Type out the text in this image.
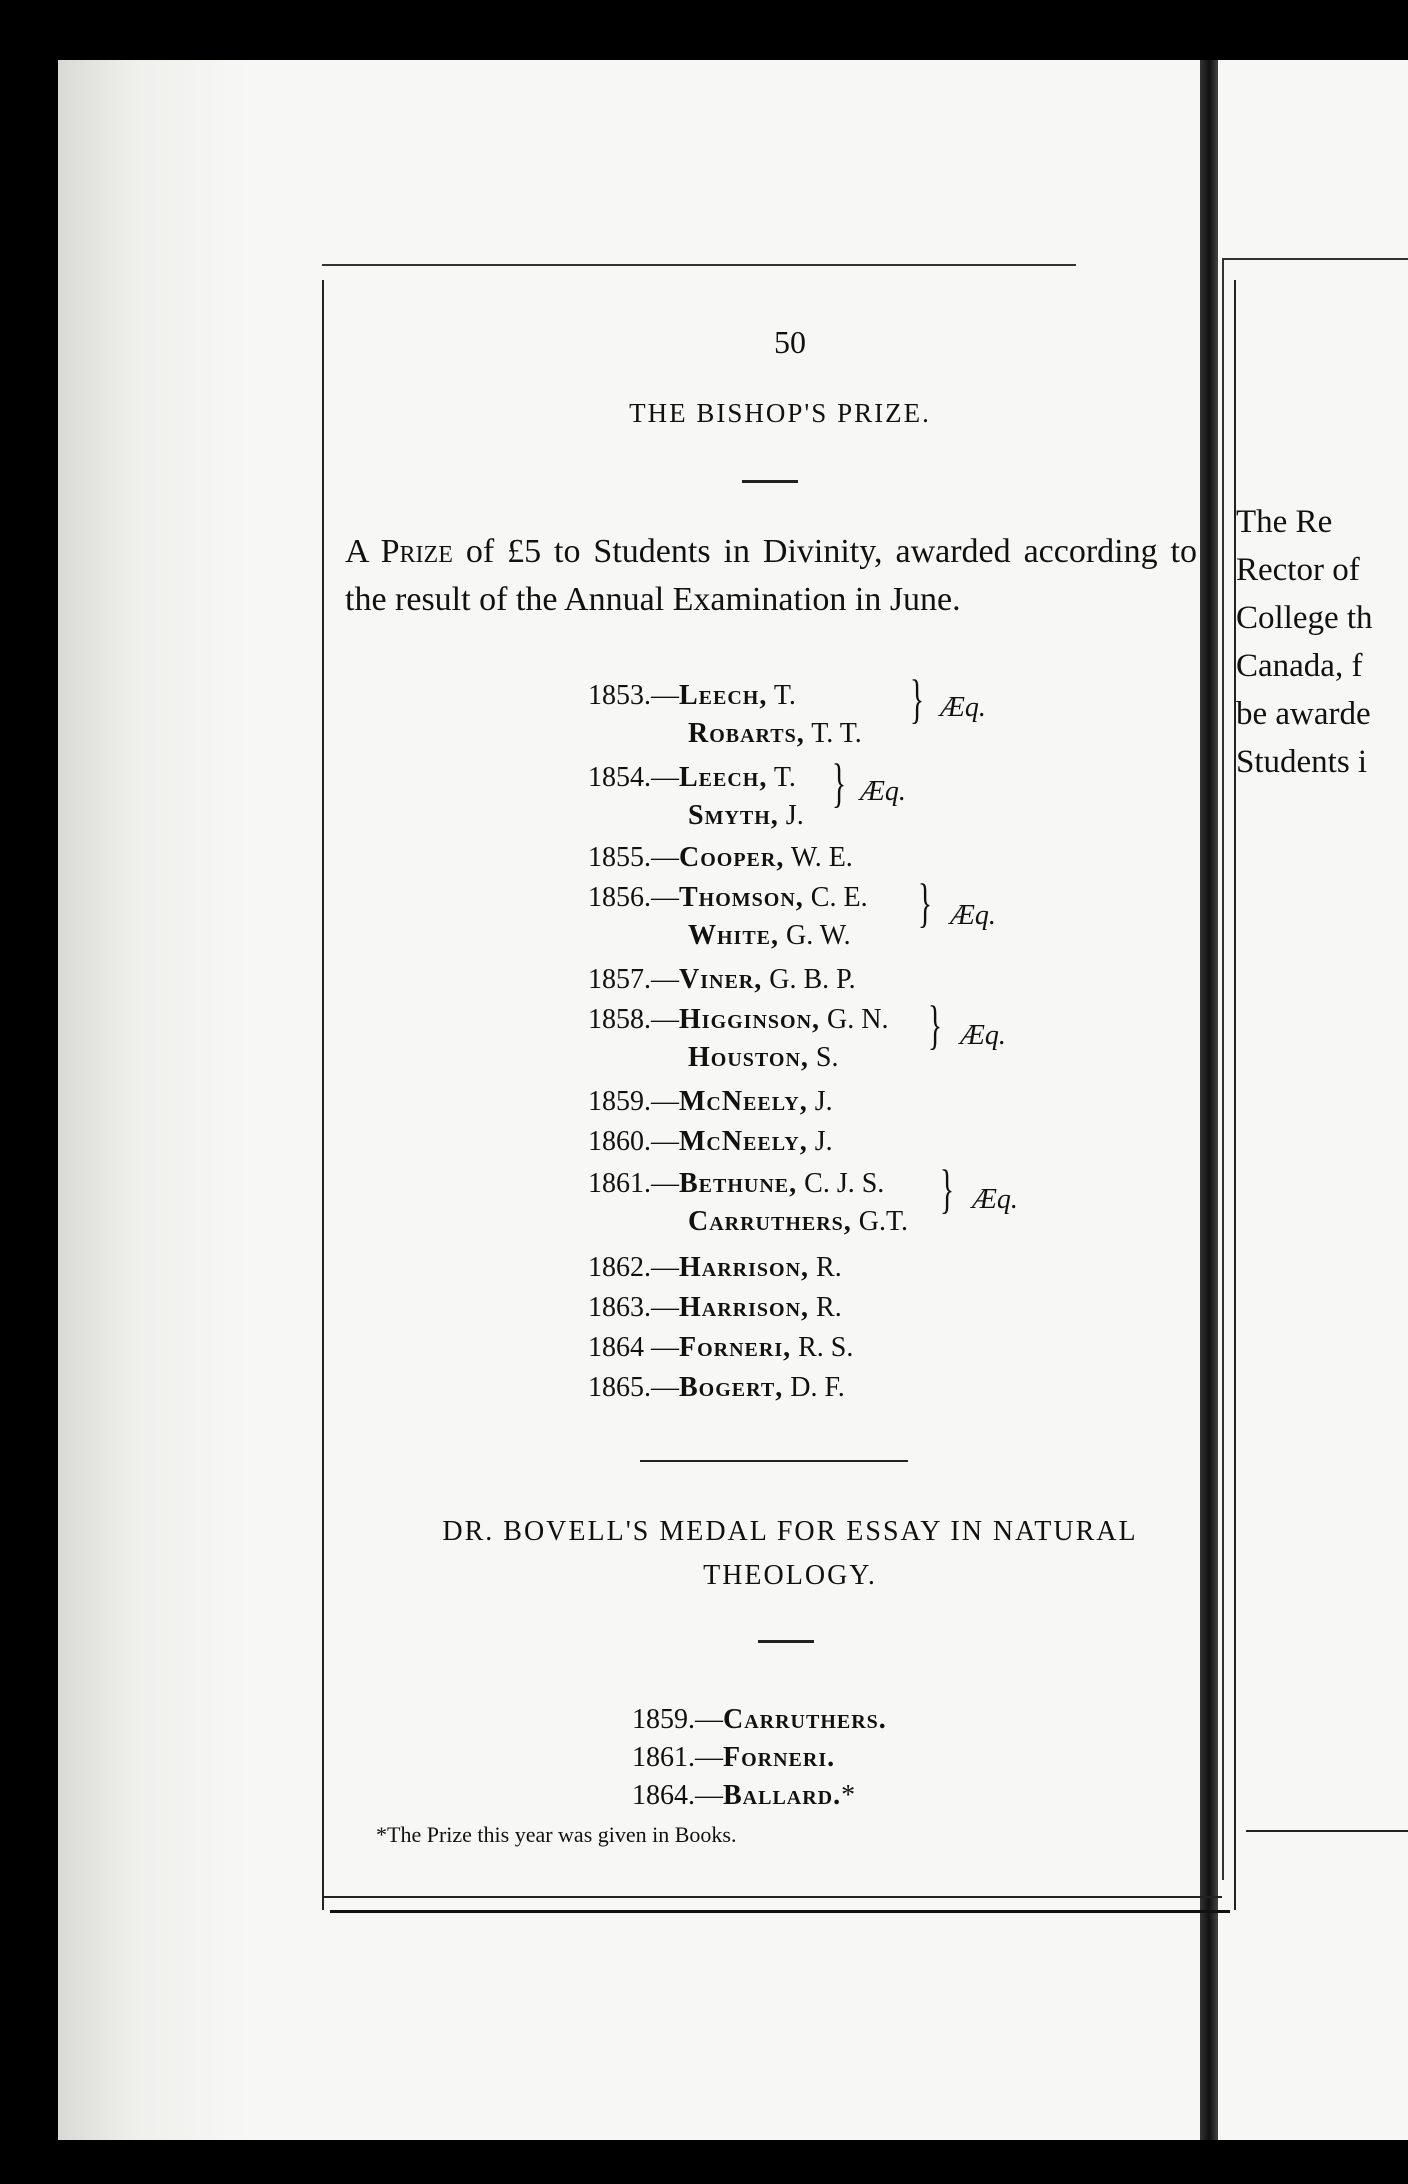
50
THE BISHOP'S PRIZE.
A Prize of £5 to Students in Divinity, awarded according to the result of the Annual Examination in June.
1853.—Leech, T.
Robarts, T. T.
} Æq.
1854.—Leech, T.
Smyth, J.
} Æq.
1855.—Cooper, W. E.
1856.—Thomson, C. E.
White, G. W.
} Æq.
1857.—Viner, G. B. P.
1858.—Higginson, G. N.
Houston, S.
} Æq.
1859.—McNeely, J.
1860.—McNeely, J.
1861.—Bethune, C. J. S.
Carruthers, G.T.
} Æq.
1862.—Harrison, R.
1863.—Harrison, R.
1864 —Forneri, R. S.
1865.—Bogert, D. F.
DR. BOVELL'S MEDAL FOR ESSAY IN NATURAL
THEOLOGY.
1859.—Carruthers.
1861.—Forneri.
1864.—Ballard.*
*The Prize this year was given in Books.
The Re
Rector of
College th
Canada, f
be awarde
Students i
